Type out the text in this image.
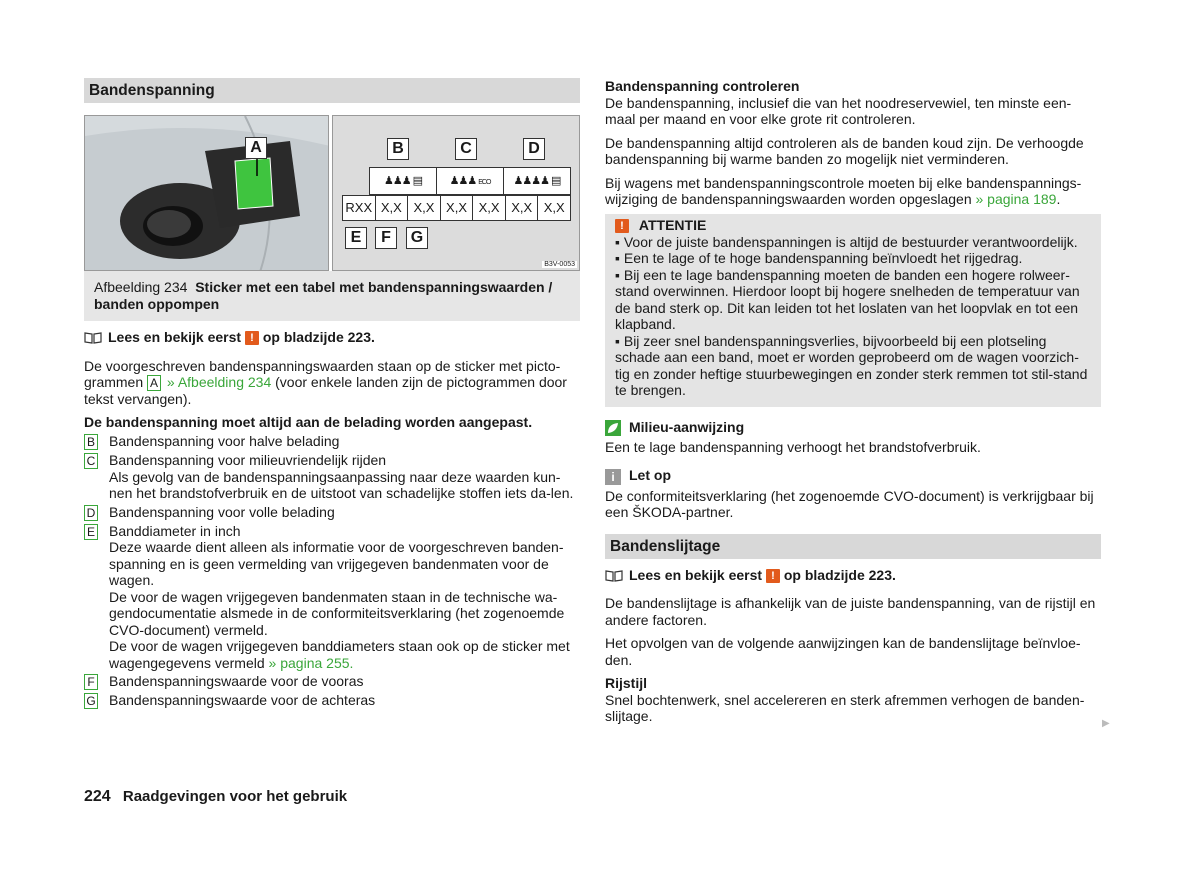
Bandenspanning
A	B	C	D
♟♟♟ ▤	♟♟♟ ECO	♟♟♟♟ ▤
RXX X,X X,X X,X X,X X,X X,X
E	F	G
B3V-0053
Afbeelding 234 Sticker met een tabel met bandenspanningswaarden / banden oppompen

Lees en bekijk eerst ! op bladzijde 223.

De voorgeschreven bandenspanningswaarden staan op de sticker met picto-grammen A » Afbeelding 234 (voor enkele landen zijn de pictogrammen door tekst vervangen).

De bandenspanning moet altijd aan de belading worden aangepast.

B Bandenspanning voor halve belading

C Bandenspanning voor milieuvriendelijk rijden

Als gevolg van de bandenspanningsaanpassing naar deze waarden kun-nen het brandstofverbruik en de uitstoot van schadelijke stoffen iets da-len.

D Bandenspanning voor volle belading

E Banddiameter in inch

Deze waarde dient alleen als informatie voor de voorgeschreven banden-spanning en is geen vermelding van vrijgegeven bandenmaten voor de wagen.

De voor de wagen vrijgegeven bandenmaten staan in de technische wa-gendocumentatie alsmede in de conformiteitsverklaring (het zogenoemde CVO-document) vermeld.

De voor de wagen vrijgegeven banddiameters staan ook op de sticker met wagengegevens vermeld » pagina 255.

F Bandenspanningswaarde voor de vooras

G Bandenspanningswaarde voor de achteras

Bandenspanning controleren

De bandenspanning, inclusief die van het noodreservewiel, ten minste een-maal per maand en voor elke grote rit controleren.

De bandenspanning altijd controleren als de banden koud zijn. De verhoogde bandenspanning bij warme banden zo mogelijk niet verminderen.

Bij wagens met bandenspanningscontrole moeten bij elke bandenspannings-wijziging de bandenspanningswaarden worden opgeslagen » pagina 189.

! ATTENTIE

▪ Voor de juiste bandenspanningen is altijd de bestuurder verantwoordelijk.

▪ Een te lage of te hoge bandenspanning beïnvloedt het rijgedrag.

▪ Bij een te lage bandenspanning moeten de banden een hogere rolweer-stand overwinnen. Hierdoor loopt bij hogere snelheden de temperatuur van de band sterk op. Dit kan leiden tot het loslaten van het loopvlak en tot een klapband.

▪ Bij zeer snel bandenspanningsverlies, bijvoorbeeld bij een plotseling schade aan een band, moet er worden geprobeerd om de wagen voorzich-tig en zonder heftige stuurbewegingen en zonder sterk remmen tot stil-stand te brengen.

Milieu-aanwijzing

Een te lage bandenspanning verhoogt het brandstofverbruik.

i Let op

De conformiteitsverklaring (het zogenoemde CVO-document) is verkrijgbaar bij een ŠKODA-partner.

Bandenslijtage

Lees en bekijk eerst ! op bladzijde 223.

De bandenslijtage is afhankelijk van de juiste bandenspanning, van de rijstijl en andere factoren.

Het opvolgen van de volgende aanwijzingen kan de bandenslijtage beïnvloe-den.

Rijstijl

Snel bochtenwerk, snel accelereren en sterk afremmen verhogen de banden-slijtage.	▶
224 Raadgevingen voor het gebruik
